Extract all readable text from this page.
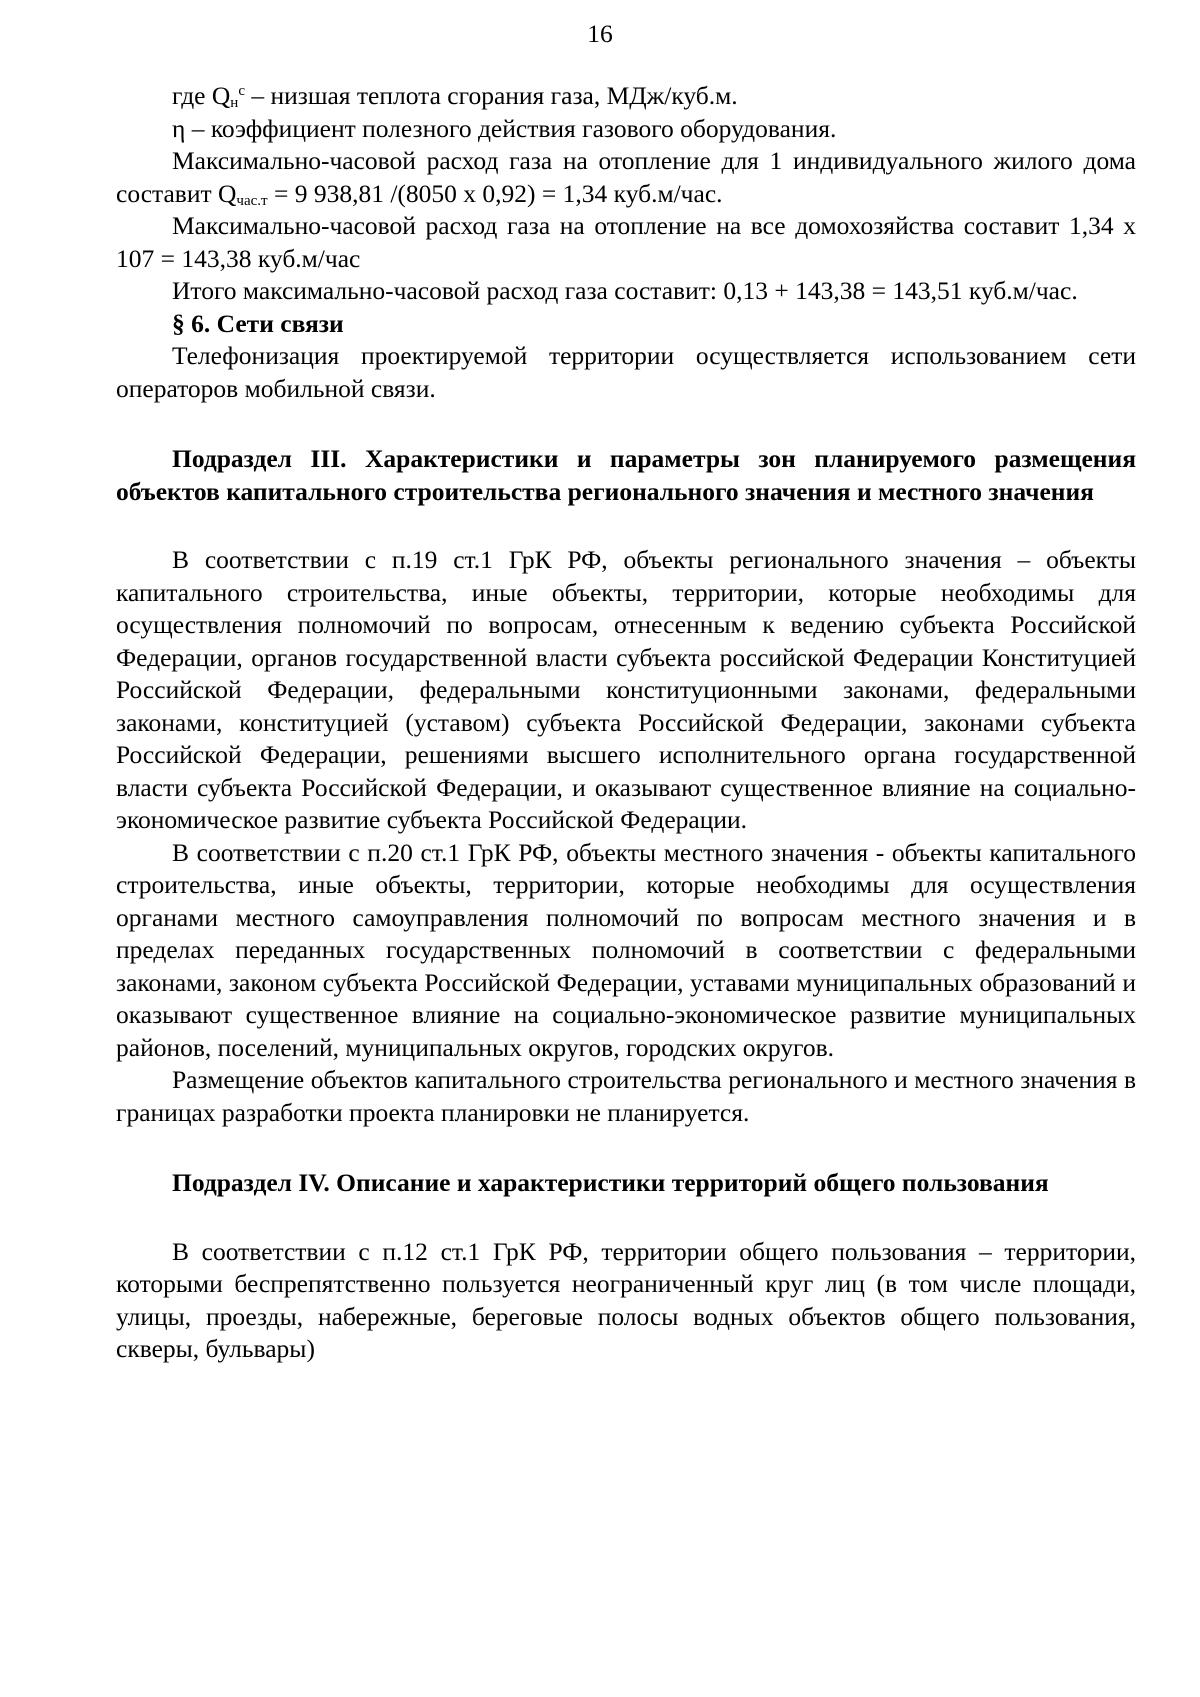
16

где $Q_н^с$ – низшая теплота сгорания газа, МДж/куб.м.

η – коэффициент полезного действия газового оборудования.

Максимально-часовой расход газа на отопление для 1 индивидуального жилого дома составит $Q_{час.т} = 9$ 938,81 /(8050 х 0,92) = 1,34 куб.м/час.

Максимально-часовой расход газа на отопление на все домохозяйства составит 1,34 х 107 = 143,38 куб.м/час

Итого максимально-часовой расход газа составит: 0,13 + 143,38 = 143,51 куб.м/час.

§ 6. Сети связи

Телефонизация проектируемой территории осуществляется использованием сети операторов мобильной связи.

Подраздел III. Характеристики и параметры зон планируемого размещения объектов капитального строительства регионального значения и местного значения

В соответствии с п.19 ст.1 ГрК РФ, объекты регионального значения – объекты капитального строительства, иные объекты, территории, которые необходимы для осуществления полномочий по вопросам, отнесенным к ведению субъекта Российской Федерации, органов государственной власти субъекта российской Федерации Конституцией Российской Федерации, федеральными конституционными законами, федеральными законами, конституцией (уставом) субъекта Российской Федерации, законами субъекта Российской Федерации, решениями высшего исполнительного органа государственной власти субъекта Российской Федерации, и оказывают существенное влияние на социально-экономическое развитие субъекта Российской Федерации.

В соответствии с п.20 ст.1 ГрК РФ, объекты местного значения - объекты капитального строительства, иные объекты, территории, которые необходимы для осуществления органами местного самоуправления полномочий по вопросам местного значения и в пределах переданных государственных полномочий в соответствии с федеральными законами, законом субъекта Российской Федерации, уставами муниципальных образований и оказывают существенное влияние на социально-экономическое развитие муниципальных районов, поселений, муниципальных округов, городских округов.

Размещение объектов капитального строительства регионального и местного значения в границах разработки проекта планировки не планируется.

Подраздел IV. Описание и характеристики территорий общего пользования

В соответствии с п.12 ст.1 ГрК РФ, территории общего пользования – территории, которыми беспрепятственно пользуется неограниченный круг лиц (в том числе площади, улицы, проезды, набережные, береговые полосы водных объектов общего пользования, скверы, бульвары)
